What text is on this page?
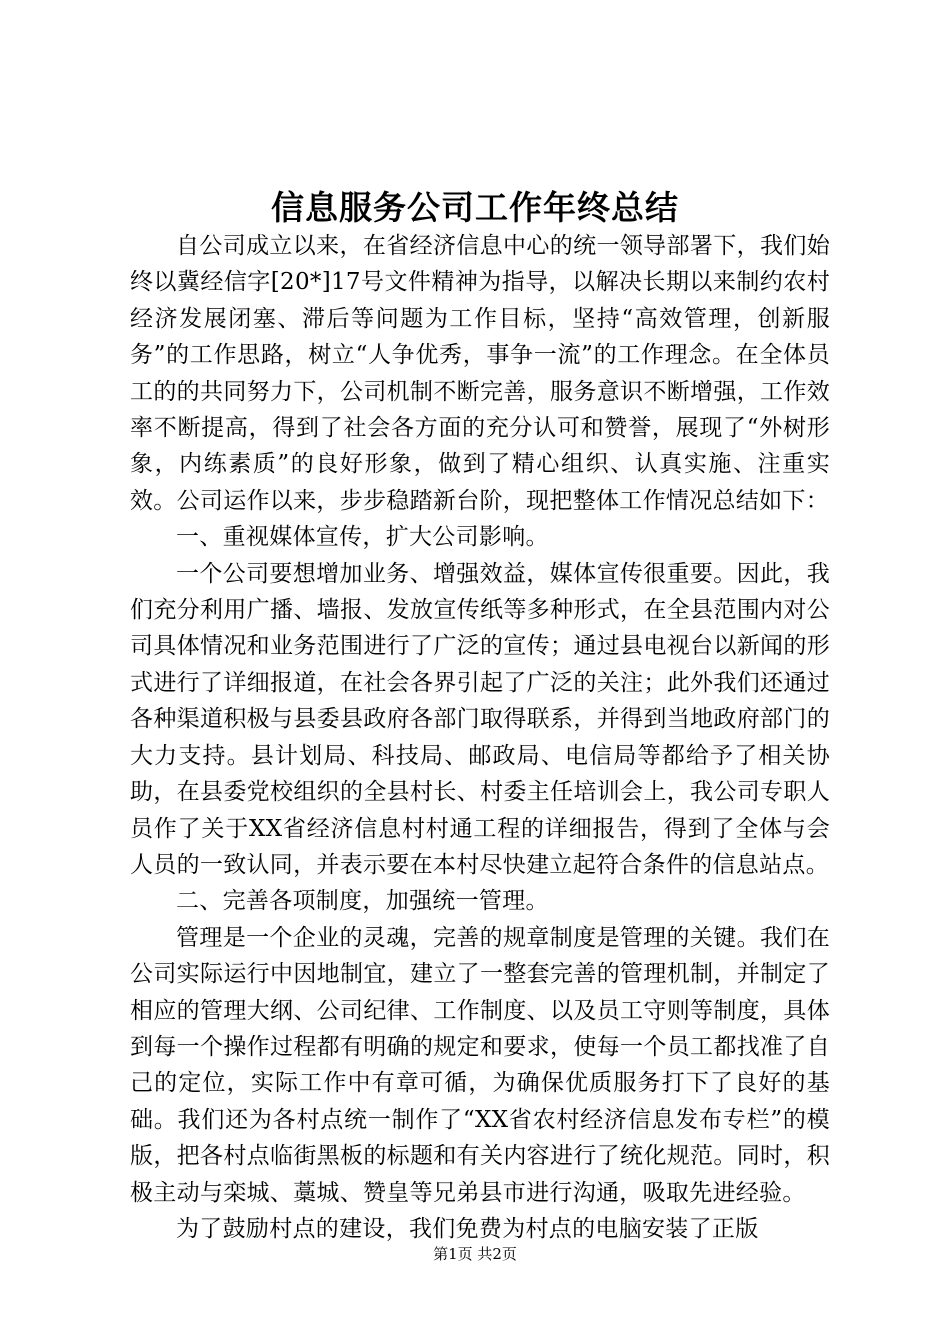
信息服务公司工作年终总结

自公司成立以来，在省经济信息中心的统一领导部署下，我们始终以冀经信字[20*]17号文件精神为指导，以解决长期以来制约农村经济发展闭塞、滞后等问题为工作目标，坚持“高效管理，创新服务”的工作思路，树立“人争优秀，事争一流”的工作理念。在全体员工的的共同努力下，公司机制不断完善，服务意识不断增强，工作效率不断提高，得到了社会各方面的充分认可和赞誉，展现了“外树形象，内练素质”的良好形象，做到了精心组织、认真实施、注重实效。公司运作以来，步步稳踏新台阶，现把整体工作情况总结如下：

一、重视媒体宣传，扩大公司影响。

一个公司要想增加业务、增强效益，媒体宣传很重要。因此，我们充分利用广播、墙报、发放宣传纸等多种形式，在全县范围内对公司具体情况和业务范围进行了广泛的宣传；通过县电视台以新闻的形式进行了详细报道，在社会各界引起了广泛的关注；此外我们还通过各种渠道积极与县委县政府各部门取得联系，并得到当地政府部门的大力支持。县计划局、科技局、邮政局、电信局等都给予了相关协助，在县委党校组织的全县村长、村委主任培训会上，我公司专职人员作了关于XX省经济信息村村通工程的详细报告，得到了全体与会人员的一致认同，并表示要在本村尽快建立起符合条件的信息站点。

二、完善各项制度，加强统一管理。

管理是一个企业的灵魂，完善的规章制度是管理的关键。我们在公司实际运行中因地制宜，建立了一整套完善的管理机制，并制定了相应的管理大纲、公司纪律、工作制度、以及员工守则等制度，具体到每一个操作过程都有明确的规定和要求，使每一个员工都找准了自己的定位，实际工作中有章可循，为确保优质服务打下了良好的基础。我们还为各村点统一制作了“XX省农村经济信息发布专栏”的模版，把各村点临街黑板的标题和有关内容进行了统化规范。同时，积极主动与栾城、藁城、赞皇等兄弟县市进行沟通，吸取先进经验。

为了鼓励村点的建设，我们免费为村点的电脑安装了正版

第1页 共2页
